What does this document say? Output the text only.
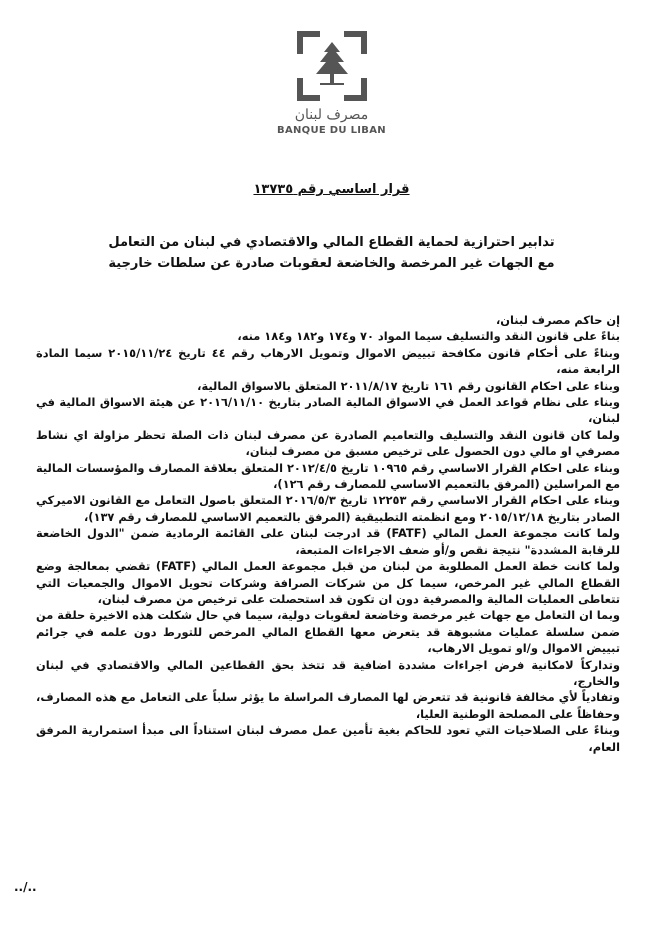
مصرف لبنان
BANQUE DU LIBAN
قرار اساسي رقم ١٣٧٣٥
تدابير احترازية لحماية القطاع المالي والاقتصادي في لبنان من التعامل
مع الجهات غير المرخصة والخاضعة لعقوبات صادرة عن سلطات خارجية

إن حاكم مصرف لبنان،

بناءً على قانون النقد والتسليف سيما المواد ٧٠ و١٧٤ و١٨٢ و١٨٤ منه،

وبناءً على أحكام قانون مكافحة تبييض الاموال وتمويل الارهاب رقم ٤٤ تاريخ ٢٠١٥/١١/٢٤ سيما المادة الرابعة منه،

وبناء على احكام القانون رقم ١٦١ تاريخ ٢٠١١/٨/١٧ المتعلق بالاسواق المالية،

وبناء على نظام قواعد العمل في الاسواق المالية الصادر بتاريخ ٢٠١٦/١١/١٠ عن هيئة الاسواق المالية في لبنان،

ولما كان قانون النقد والتسليف والتعاميم الصادرة عن مصرف لبنان ذات الصلة تحظر مزاولة اي نشاط مصرفي او مالي دون الحصول على ترخيص مسبق من مصرف لبنان،

وبناء على احكام القرار الاساسي رقم ١٠٩٦٥ تاريخ ٢٠١٢/٤/٥ المتعلق بعلاقة المصارف والمؤسسات المالية مع المراسلين (المرفق بالتعميم الاساسي للمصارف رقم ١٢٦)،

وبناء على احكام القرار الاساسي رقم ١٢٢٥٣ تاريخ ٢٠١٦/٥/٣ المتعلق باصول التعامل مع القانون الاميركي الصادر بتاريخ ٢٠١٥/١٢/١٨ ومع انظمته التطبيقية (المرفق بالتعميم الاساسي للمصارف رقم ١٣٧)،

ولما كانت مجموعة العمل المالي (FATF) قد ادرجت لبنان على القائمة الرمادية ضمن "الدول الخاضعة للرقابة المشددة" نتيجة نقص و/أو ضعف الاجراءات المتبعة،

ولما كانت خطة العمل المطلوبة من لبنان من قبل مجموعة العمل المالي (FATF) تقضي بمعالجة وضع القطاع المالي غير المرخص، سيما كل من شركات الصرافة وشركات تحويل الاموال والجمعيات التي تتعاطى العمليات المالية والمصرفية دون ان تكون قد استحصلت على ترخيص من مصرف لبنان،

وبما ان التعامل مع جهات غير مرخصة وخاضعة لعقوبات دولية، سيما في حال شكلت هذه الاخيرة حلقة من ضمن سلسلة عمليات مشبوهة قد يتعرض معها القطاع المالي المرخص للتورط دون علمه في جرائم تبييض الاموال و/او تمويل الارهاب،

وتداركاً لامكانية فرض اجراءات مشددة اضافية قد تتخذ بحق القطاعين المالي والاقتصادي في لبنان والخارج،

وتفادياً لأي مخالفة قانونية قد تتعرض لها المصارف المراسلة ما يؤثر سلباً على التعامل مع هذه المصارف، وحفاظاً على المصلحة الوطنية العليا،

وبناءً على الصلاحيات التي تعود للحاكم بغية تأمين عمل مصرف لبنان استناداً الى مبدأ استمرارية المرفق العام،

../..
